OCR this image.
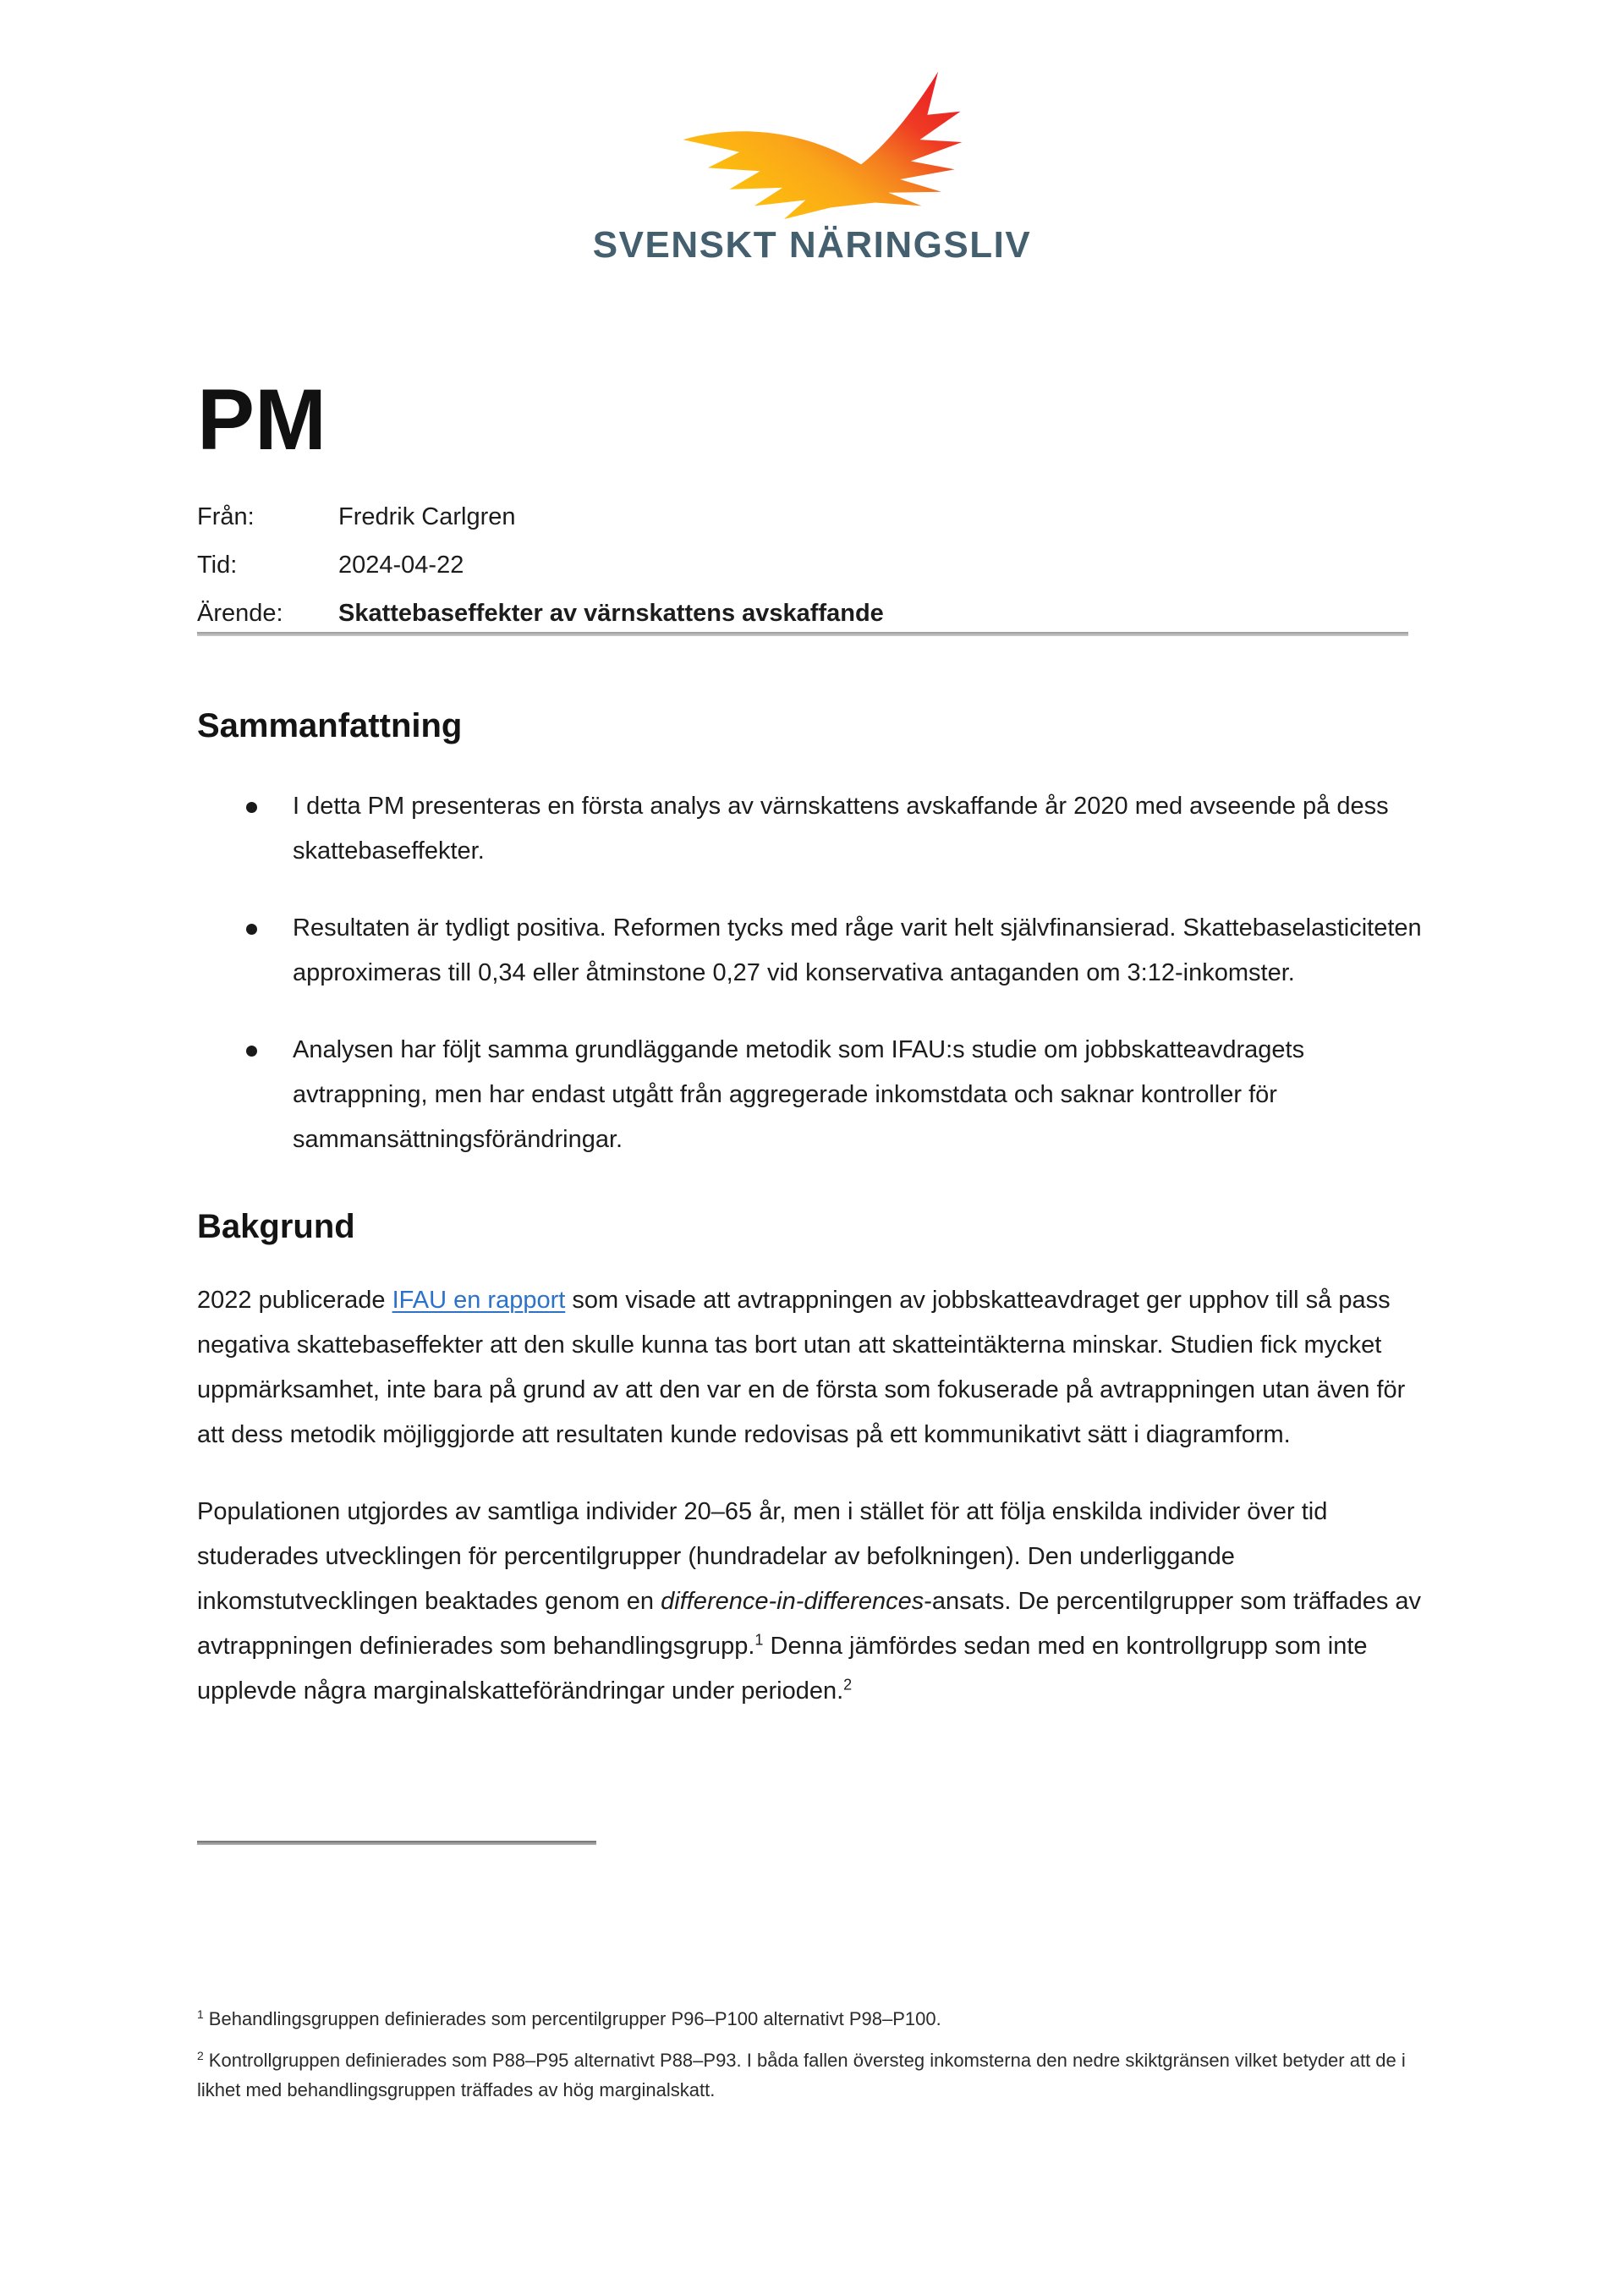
SVENSKT NÄRINGSLIV
PM
Från:	Fredrik Carlgren
Tid:	2024-04-22
Ärende:	Skattebaseffekter av värnskattens avskaffande
Sammanfattning
I detta PM presenteras en första analys av värnskattens avskaffande år 2020 med avseende på dess skattebaseffekter.
Resultaten är tydligt positiva. Reformen tycks med råge varit helt självfinansierad. Skattebaselasticiteten approximeras till 0,34 eller åtminstone 0,27 vid konservativa antaganden om 3:12-inkomster.
Analysen har följt samma grundläggande metodik som IFAU:s studie om jobbskatteavdragets avtrappning, men har endast utgått från aggregerade inkomstdata och saknar kontroller för sammansättningsförändringar.
Bakgrund

2022 publicerade IFAU en rapport som visade att avtrappningen av jobbskatteavdraget ger upphov till så pass negativa skattebaseffekter att den skulle kunna tas bort utan att skatteintäkterna minskar. Studien fick mycket uppmärksamhet, inte bara på grund av att den var en de första som fokuserade på avtrappningen utan även för att dess metodik möjliggjorde att resultaten kunde redovisas på ett kommunikativt sätt i diagramform.

Populationen utgjordes av samtliga individer 20–65 år, men i stället för att följa enskilda individer över tid studerades utvecklingen för percentilgrupper (hundradelar av befolkningen). Den underliggande inkomstutvecklingen beaktades genom en difference-in-differences-ansats. De percentilgrupper som träffades av avtrappningen definierades som behandlingsgrupp.$^1$ Denna jämfördes sedan med en kontrollgrupp som inte upplevde några marginalskatteförändringar under perioden.$^2$

$^1$ Behandlingsgruppen definierades som percentilgrupper P96–P100 alternativt P98–P100.
$^2$ Kontrollgruppen definierades som P88–P95 alternativt P88–P93. I båda fallen översteg inkomsterna den nedre skiktgränsen vilket betyder att de i likhet med behandlingsgruppen träffades av hög marginalskatt.
